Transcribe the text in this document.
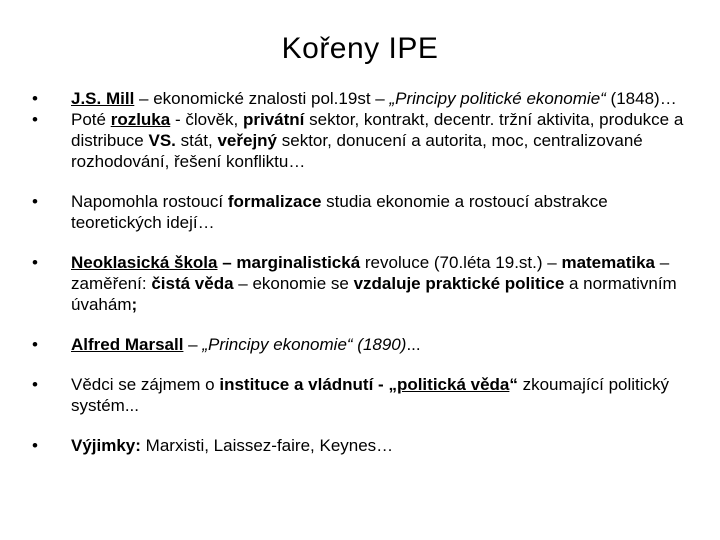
Kořeny IPE
•	J.S. Mill – ekonomické znalosti pol.19st – „Principy politické ekonomie“ (1848)…
•	Poté rozluka - člověk, privátní sektor, kontrakt, decentr. tržní aktivita, produkce a distribuce VS. stát, veřejný sektor, donucení a autorita, moc, centralizované rozhodování, řešení konfliktu…
•	Napomohla rostoucí formalizace studia ekonomie a rostoucí abstrakce teoretických idejí…
•	Neoklasická škola – marginalistická revoluce (70.léta 19.st.) – matematika – zaměření: čistá věda – ekonomie se vzdaluje praktické politice a normativním úvahám;
•	Alfred Marsall – „Principy ekonomie“ (1890)...
•	Vědci se zájmem o instituce a vládnutí - „politická věda“ zkoumající politický systém...
•	Výjimky: Marxisti, Laissez-faire, Keynes…
